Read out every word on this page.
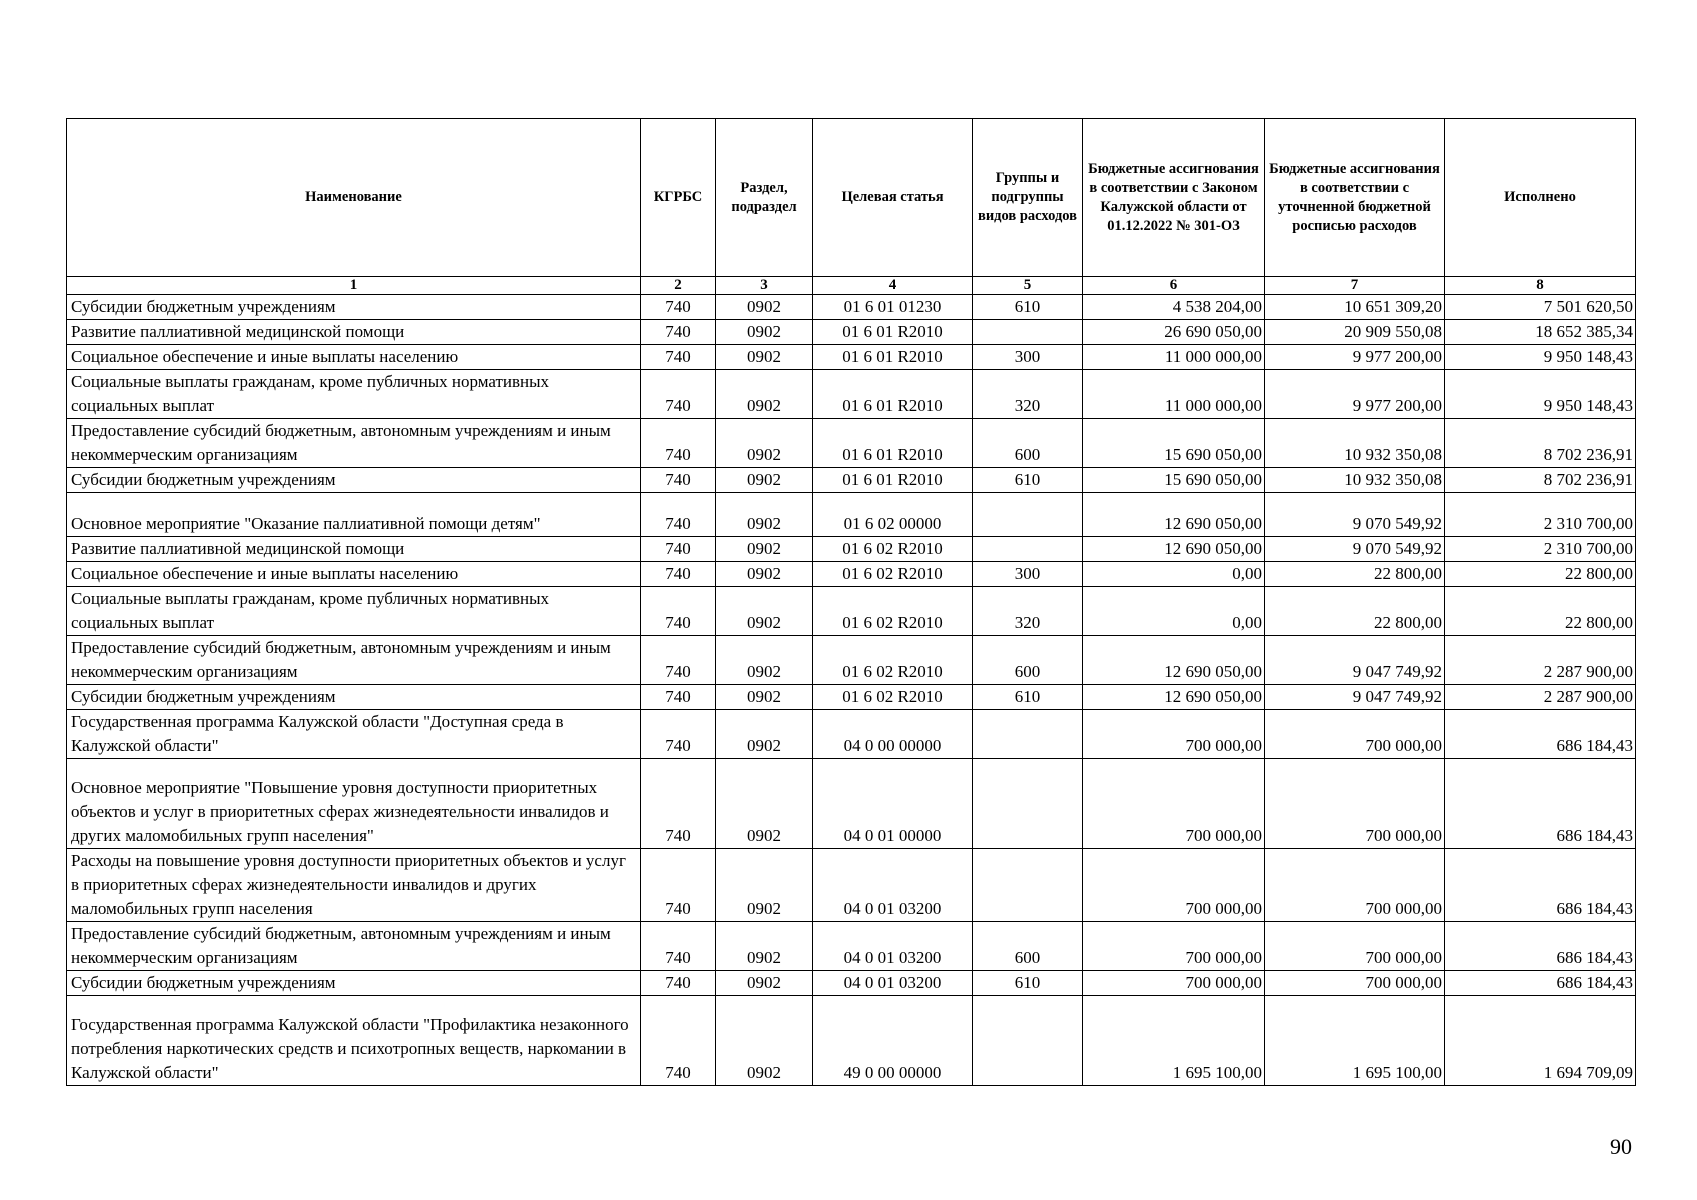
Наименование	КГРБС	Раздел, подраздел	Целевая статья	Группы и подгруппы видов расходов	Бюджетные ассигнования в соответствии с Законом Калужской области от 01.12.2022 № 301-ОЗ	Бюджетные ассигнования в соответствии с уточненной бюджетной росписью расходов	Исполнено
1	2	3	4	5	6	7	8
Субсидии бюджетным учреждениям	740	0902	01 6 01 01230	610	4 538 204,00	10 651 309,20	7 501 620,50
Развитие паллиативной медицинской помощи	740	0902	01 6 01 R2010		26 690 050,00	20 909 550,08	18 652 385,34
Социальное обеспечение и иные выплаты населению	740	0902	01 6 01 R2010	300	11 000 000,00	9 977 200,00	9 950 148,43
Социальные выплаты гражданам, кроме публичных нормативных социальных выплат	740	0902	01 6 01 R2010	320	11 000 000,00	9 977 200,00	9 950 148,43
Предоставление субсидий бюджетным, автономным учреждениям и иным некоммерческим организациям	740	0902	01 6 01 R2010	600	15 690 050,00	10 932 350,08	8 702 236,91
Субсидии бюджетным учреждениям	740	0902	01 6 01 R2010	610	15 690 050,00	10 932 350,08	8 702 236,91
Основное мероприятие "Оказание паллиативной помощи детям"	740	0902	01 6 02 00000		12 690 050,00	9 070 549,92	2 310 700,00
Развитие паллиативной медицинской помощи	740	0902	01 6 02 R2010		12 690 050,00	9 070 549,92	2 310 700,00
Социальное обеспечение и иные выплаты населению	740	0902	01 6 02 R2010	300	0,00	22 800,00	22 800,00
Социальные выплаты гражданам, кроме публичных нормативных социальных выплат	740	0902	01 6 02 R2010	320	0,00	22 800,00	22 800,00
Предоставление субсидий бюджетным, автономным учреждениям и иным некоммерческим организациям	740	0902	01 6 02 R2010	600	12 690 050,00	9 047 749,92	2 287 900,00
Субсидии бюджетным учреждениям	740	0902	01 6 02 R2010	610	12 690 050,00	9 047 749,92	2 287 900,00
Государственная программа Калужской области "Доступная среда в Калужской области"	740	0902	04 0 00 00000		700 000,00	700 000,00	686 184,43
Основное мероприятие "Повышение уровня доступности приоритетных объектов и услуг в приоритетных сферах жизнедеятельности инвалидов и других маломобильных групп населения"	740	0902	04 0 01 00000		700 000,00	700 000,00	686 184,43
Расходы на повышение уровня доступности приоритетных объектов и услуг в приоритетных сферах жизнедеятельности инвалидов и других маломобильных групп населения	740	0902	04 0 01 03200		700 000,00	700 000,00	686 184,43
Предоставление субсидий бюджетным, автономным учреждениям и иным некоммерческим организациям	740	0902	04 0 01 03200	600	700 000,00	700 000,00	686 184,43
Субсидии бюджетным учреждениям	740	0902	04 0 01 03200	610	700 000,00	700 000,00	686 184,43
Государственная программа Калужской области "Профилактика незаконного потребления наркотических средств и психотропных веществ, наркомании в Калужской области"	740	0902	49 0 00 00000		1 695 100,00	1 695 100,00	1 694 709,09
90
